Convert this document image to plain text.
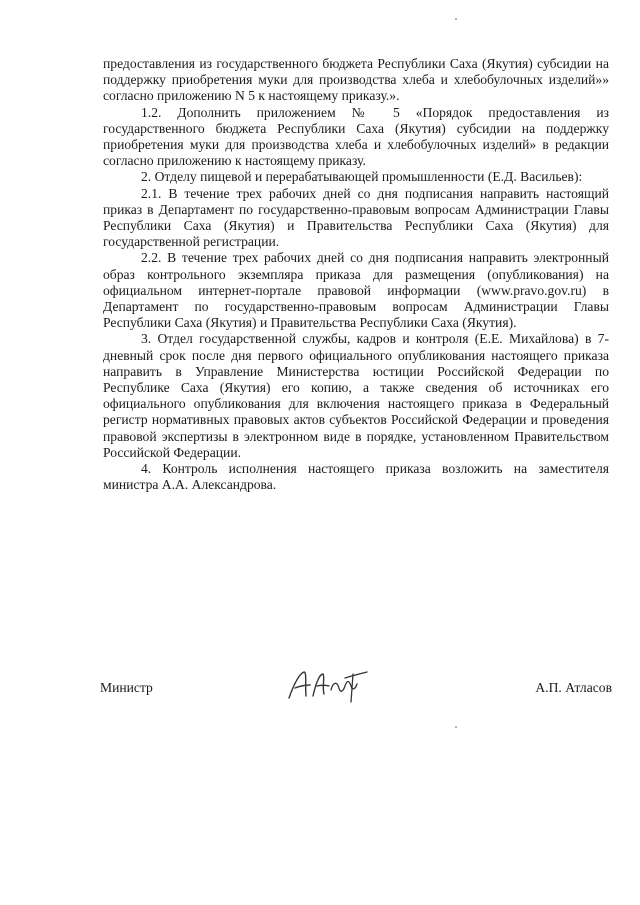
предоставления из государственного бюджета Республики Саха (Якутия) субсидии на поддержку приобретения муки для производства хлеба и хлебобулочных изделий»» согласно приложению N 5 к настоящему приказу.».

1.2. Дополнить приложением № 5 «Порядок предоставления из государственного бюджета Республики Саха (Якутия) субсидии на поддержку приобретения муки для производства хлеба и хлебобулочных изделий» в редакции согласно приложению к настоящему приказу.

2. Отделу пищевой и перерабатывающей промышленности (Е.Д. Васильев):

2.1. В течение трех рабочих дней со дня подписания направить настоящий приказ в Департамент по государственно-правовым вопросам Администрации Главы Республики Саха (Якутия) и Правительства Республики Саха (Якутия) для государственной регистрации.

2.2. В течение трех рабочих дней со дня подписания направить электронный образ контрольного экземпляра приказа для размещения (опубликования) на официальном интернет-портале правовой информации (www.pravo.gov.ru) в Департамент по государственно-правовым вопросам Администрации Главы Республики Саха (Якутия) и Правительства Республики Саха (Якутия).

3. Отдел государственной службы, кадров и контроля (Е.Е. Михайлова) в 7-дневный срок после дня первого официального опубликования настоящего приказа направить в Управление Министерства юстиции Российской Федерации по Республике Саха (Якутия) его копию, а также сведения об источниках его официального опубликования для включения настоящего приказа в Федеральный регистр нормативных правовых актов субъектов Российской Федерации и проведения правовой экспертизы в электронном виде в порядке, установленном Правительством Российской Федерации.

4. Контроль исполнения настоящего приказа возложить на заместителя министра А.А. Александрова.

Министр	А.П. Атласов
